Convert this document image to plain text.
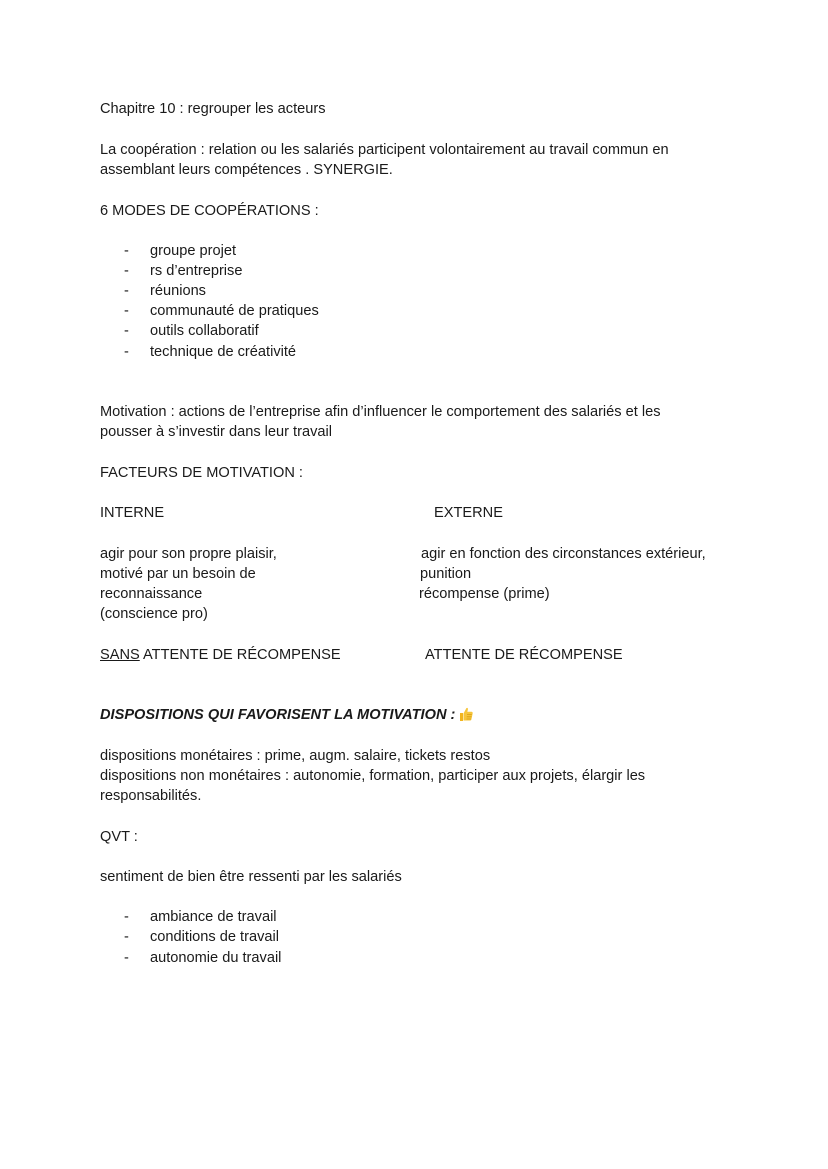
Chapitre 10 : regrouper les acteurs
La coopération : relation ou les salariés participent volontairement au travail commun en
assemblant leurs compétences . SYNERGIE.
6 MODES DE COOPÉRATIONS :
- groupe projet
- rs d’entreprise
- réunions
- communauté de pratiques
- outils collaboratif
- technique de créativité
Motivation : actions de l’entreprise afin d’influencer le comportement des salariés et les
pousser à s’investir dans leur travail
FACTEURS DE MOTIVATION :
INTERNE	EXTERNE
agir pour son propre plaisir,
motivé par un besoin de
reconnaissance
(conscience pro)
agir en fonction des circonstances extérieur,
punition
récompense (prime)
SANS ATTENTE DE RÉCOMPENSE	ATTENTE DE RÉCOMPENSE
DISPOSITIONS QUI FAVORISENT LA MOTIVATION :
dispositions monétaires : prime, augm. salaire, tickets restos
dispositions non monétaires : autonomie, formation, participer aux projets, élargir les
responsabilités.
QVT :
sentiment de bien être ressenti par les salariés
- ambiance de travail
- conditions de travail
- autonomie du travail
